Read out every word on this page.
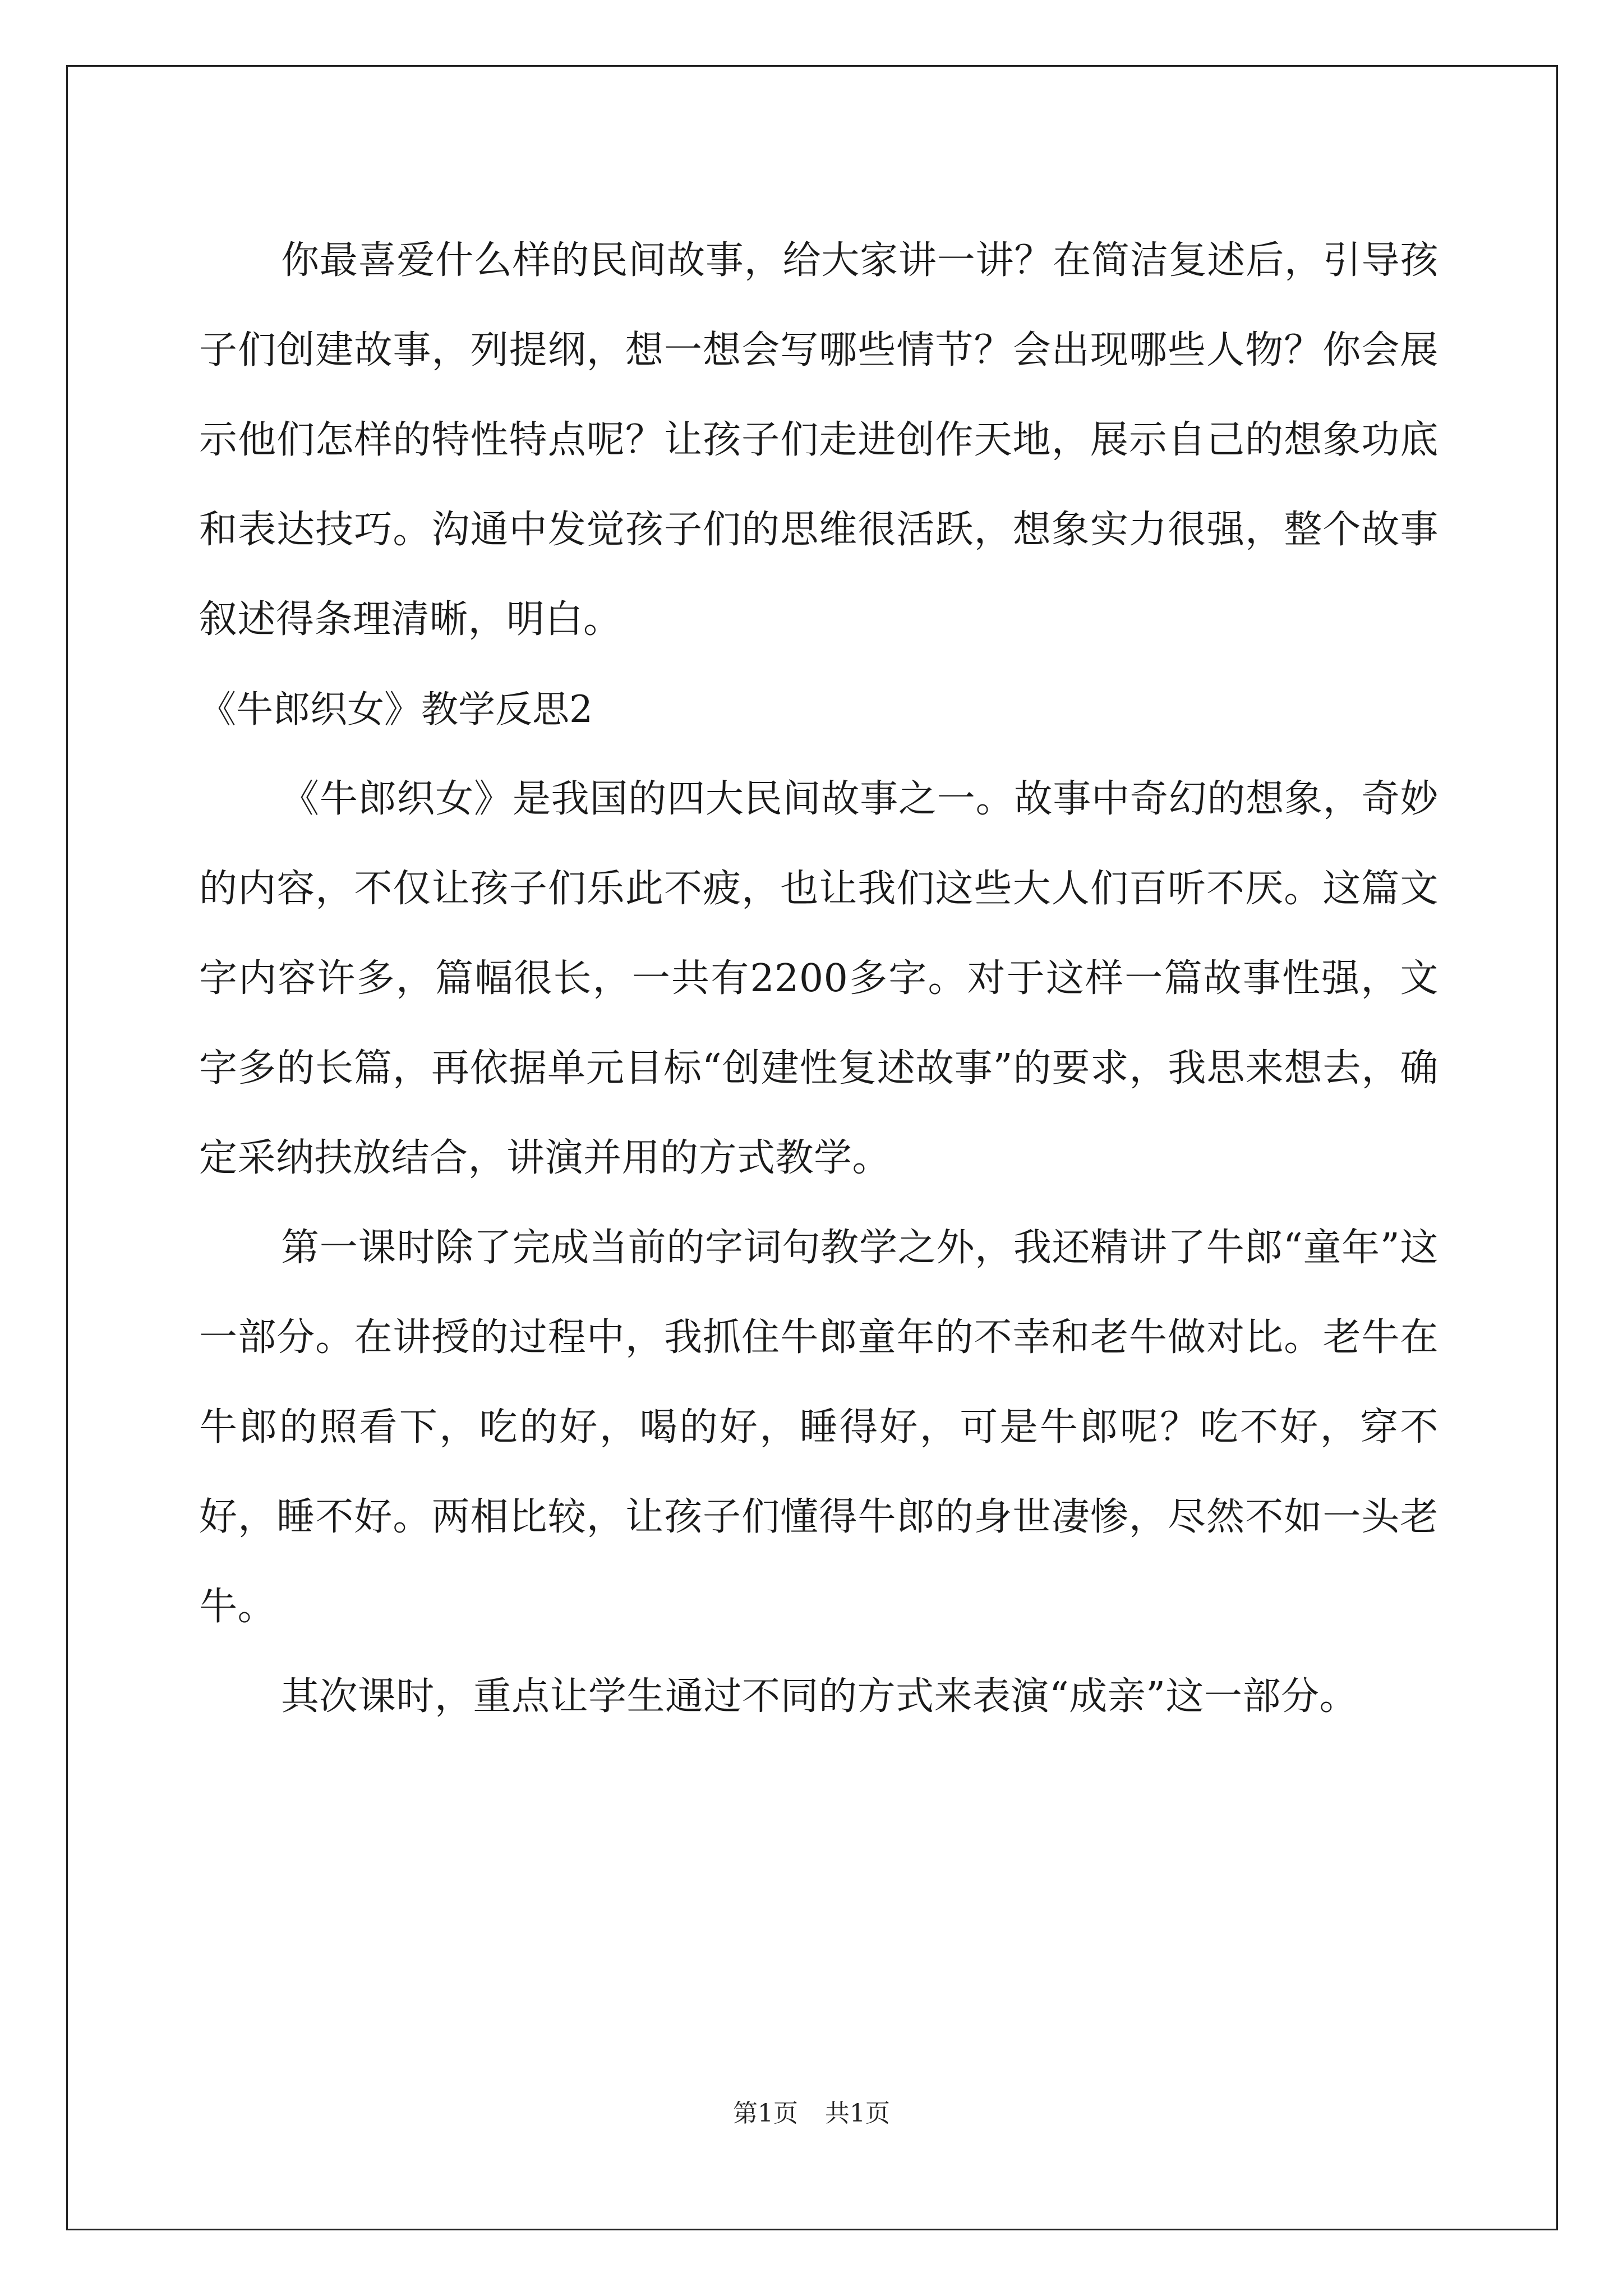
你最喜爱什么样的民间故事，给大家讲一讲？在简洁复述后，引导孩子们创建故事，列提纲，想一想会写哪些情节？会出现哪些人物？你会展示他们怎样的特性特点呢？让孩子们走进创作天地，展示自己的想象功底和表达技巧。沟通中发觉孩子们的思维很活跃，想象实力很强，整个故事叙述得条理清晰，明白。

《牛郎织女》教学反思2

《牛郎织女》是我国的四大民间故事之一。故事中奇幻的想象，奇妙的内容，不仅让孩子们乐此不疲，也让我们这些大人们百听不厌。这篇文字内容许多，篇幅很长，一共有2200多字。对于这样一篇故事性强，文字多的长篇，再依据单元目标“创建性复述故事”的要求，我思来想去，确定采纳扶放结合，讲演并用的方式教学。

第一课时除了完成当前的字词句教学之外，我还精讲了牛郎“童年”这一部分。在讲授的过程中，我抓住牛郎童年的不幸和老牛做对比。老牛在牛郎的照看下，吃的好，喝的好，睡得好，可是牛郎呢？吃不好，穿不好，睡不好。两相比较，让孩子们懂得牛郎的身世凄惨，尽然不如一头老牛。

其次课时，重点让学生通过不同的方式来表演“成亲”这一部分。

第1页 共1页
